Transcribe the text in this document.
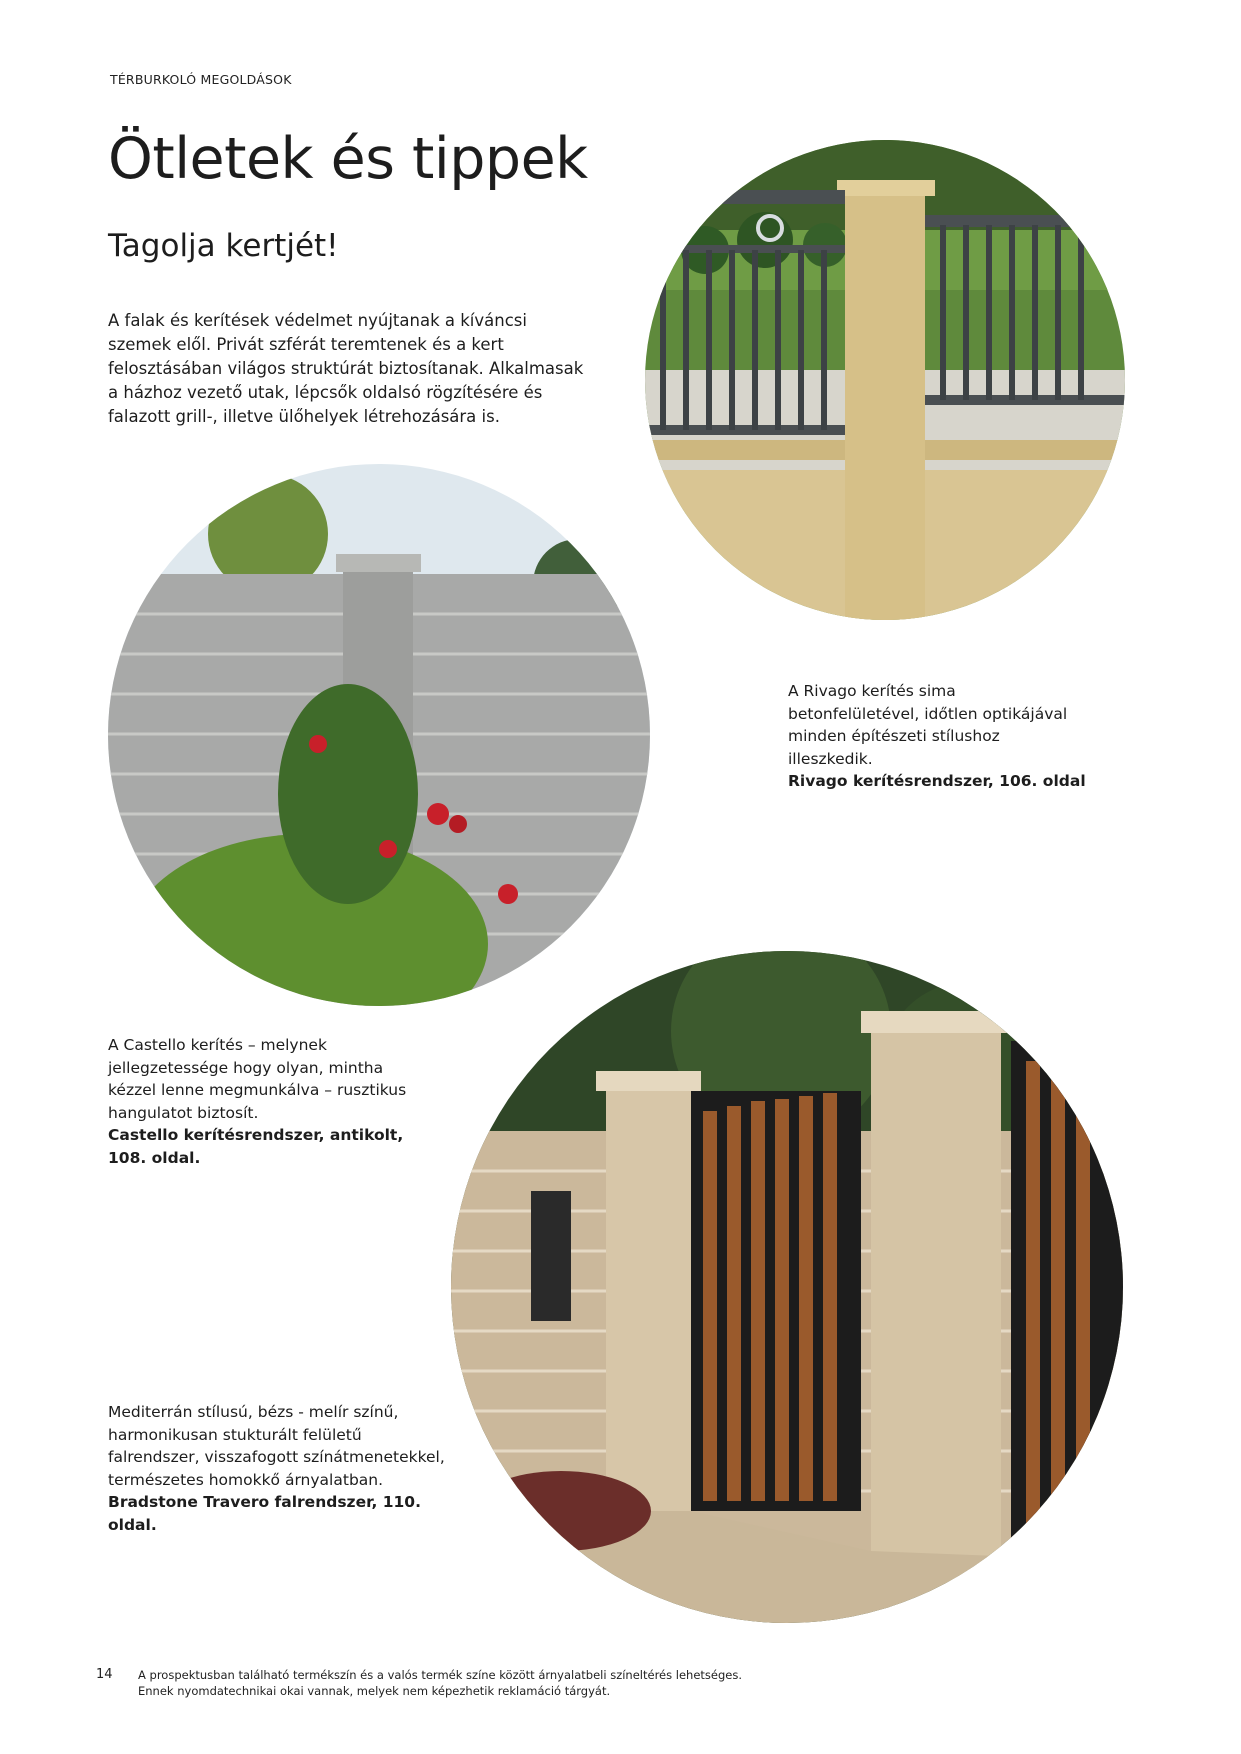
TÉRBURKOLÓ MEGOLDÁSOK
Ötletek és tippek
Tagolja kertjét!
A falak és kerítések védelmet nyújtanak a kíváncsi szemek elől. Privát szférát teremtenek és a kert felosztásában világos struktúrát biztosítanak. Alkalmasak a házhoz vezető utak, lépcsők oldalsó rögzítésére és falazott grill-, illetve ülőhelyek létrehozására is.
A Rivago kerítés sima betonfelületével, időtlen optikájával minden építészeti stílushoz illeszkedik.
Rivago kerítésrendszer, 106. oldal
A Castello kerítés – melynek jellegzetessége hogy olyan, mintha kézzel lenne megmunkálva – rusztikus hangulatot biztosít.
Castello kerítésrendszer, antikolt, 108. oldal.
Mediterrán stílusú, bézs - melír színű, harmonikusan stukturált felületű falrendszer, visszafogott színátmenetekkel, természetes homokkő árnyalatban.
Bradstone Travero falrendszer, 110. oldal.
14 A prospektusban található termékszín és a valós termék színe között árnyalatbeli színeltérés lehetséges.
Ennek nyomdatechnikai okai vannak, melyek nem képezhetik reklamáció tárgyát.
